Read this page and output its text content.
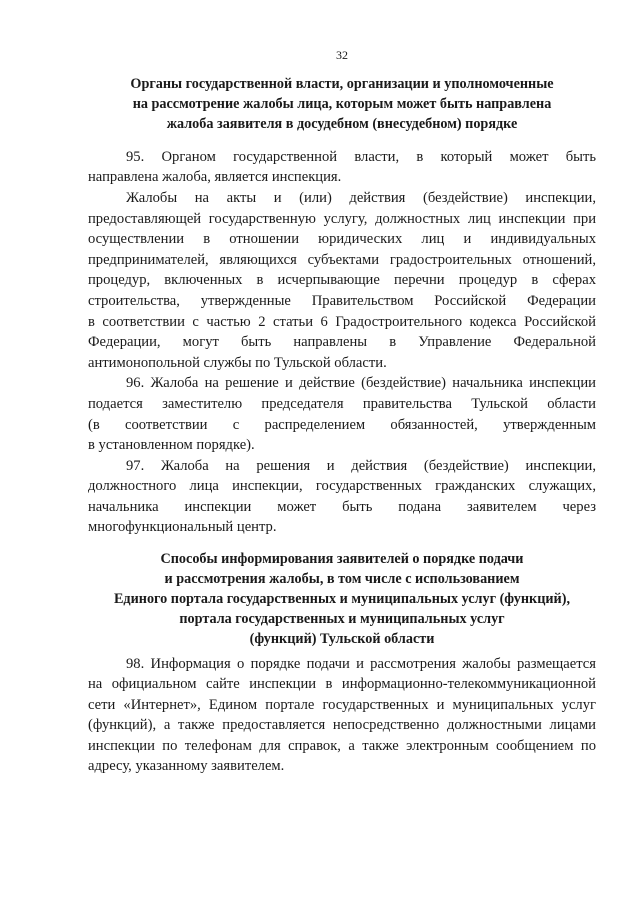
32
Органы государственной власти, организации и уполномоченные
на рассмотрение жалобы лица, которым может быть направлена
жалоба заявителя в досудебном (внесудебном) порядке
95. Органом государственной власти, в который может быть
направлена жалоба, является инспекция.
Жалобы на акты и (или) действия (бездействие) инспекции,
предоставляющей государственную услугу, должностных лиц инспекции при
осуществлении в отношении юридических лиц и индивидуальных
предпринимателей, являющихся субъектами градостроительных отношений,
процедур, включенных в исчерпывающие перечни процедур в сферах
строительства, утвержденные Правительством Российской Федерации
в соответствии с частью 2 статьи 6 Градостроительного кодекса Российской
Федерации, могут быть направлены в Управление Федеральной
антимонопольной службы по Тульской области.
96. Жалоба на решение и действие (бездействие) начальника инспекции
подается заместителю председателя правительства Тульской области
(в соответствии с распределением обязанностей, утвержденным
в установленном порядке).
97. Жалоба на решения и действия (бездействие) инспекции,
должностного лица инспекции, государственных гражданских служащих,
начальника инспекции может быть подана заявителем через
многофункциональный центр.
Способы информирования заявителей о порядке подачи
и рассмотрения жалобы, в том числе с использованием
Единого портала государственных и муниципальных услуг (функций),
портала государственных и муниципальных услуг
(функций) Тульской области
98. Информация о порядке подачи и рассмотрения жалобы размещается
на официальном сайте инспекции в информационно-телекоммуникационной
сети «Интернет», Едином портале государственных и муниципальных услуг
(функций), а также предоставляется непосредственно должностными лицами
инспекции по телефонам для справок, а также электронным сообщением по
адресу, указанному заявителем.
